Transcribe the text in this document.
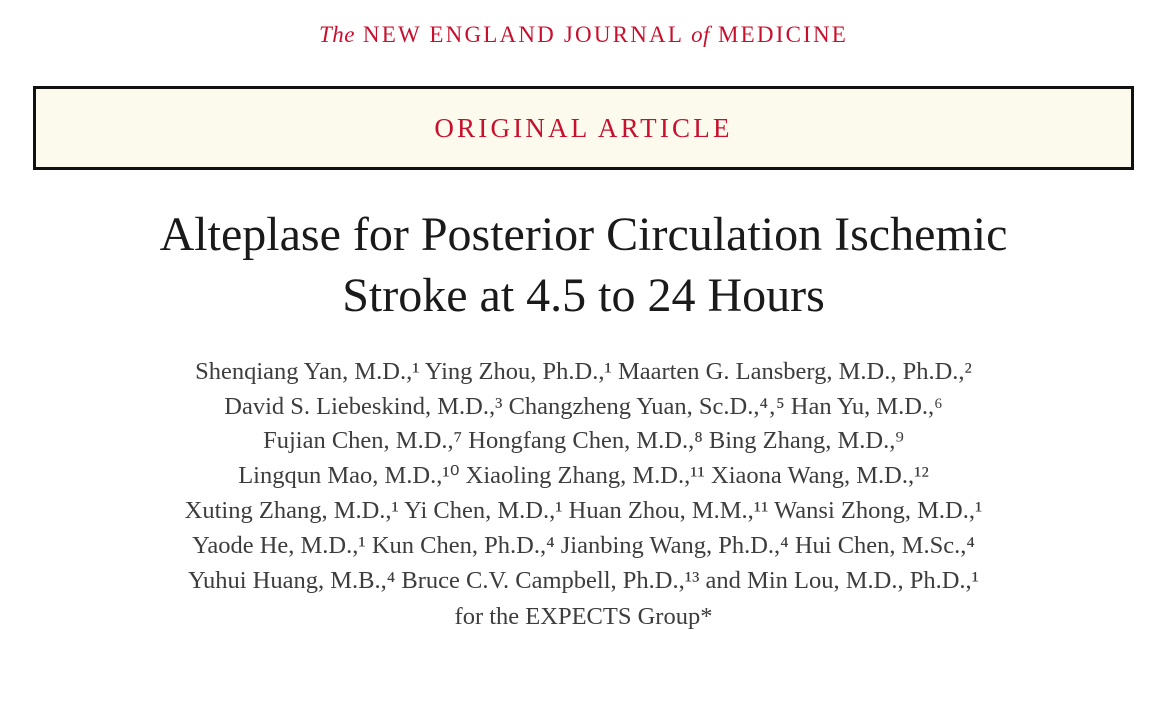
The NEW ENGLAND JOURNAL of MEDICINE
ORIGINAL ARTICLE
Alteplase for Posterior Circulation Ischemic
Stroke at 4.5 to 24 Hours
Shenqiang Yan, M.D.,¹ Ying Zhou, Ph.D.,¹ Maarten G. Lansberg, M.D., Ph.D.,²
David S. Liebeskind, M.D.,³ Changzheng Yuan, Sc.D.,⁴‚⁵ Han Yu, M.D.,⁶
Fujian Chen, M.D.,⁷ Hongfang Chen, M.D.,⁸ Bing Zhang, M.D.,⁹
Lingqun Mao, M.D.,¹⁰ Xiaoling Zhang, M.D.,¹¹ Xiaona Wang, M.D.,¹²
Xuting Zhang, M.D.,¹ Yi Chen, M.D.,¹ Huan Zhou, M.M.,¹¹ Wansi Zhong, M.D.,¹
Yaode He, M.D.,¹ Kun Chen, Ph.D.,⁴ Jianbing Wang, Ph.D.,⁴ Hui Chen, M.Sc.,⁴
Yuhui Huang, M.B.,⁴ Bruce C.V. Campbell, Ph.D.,¹³ and Min Lou, M.D., Ph.D.,¹
for the EXPECTS Group*
